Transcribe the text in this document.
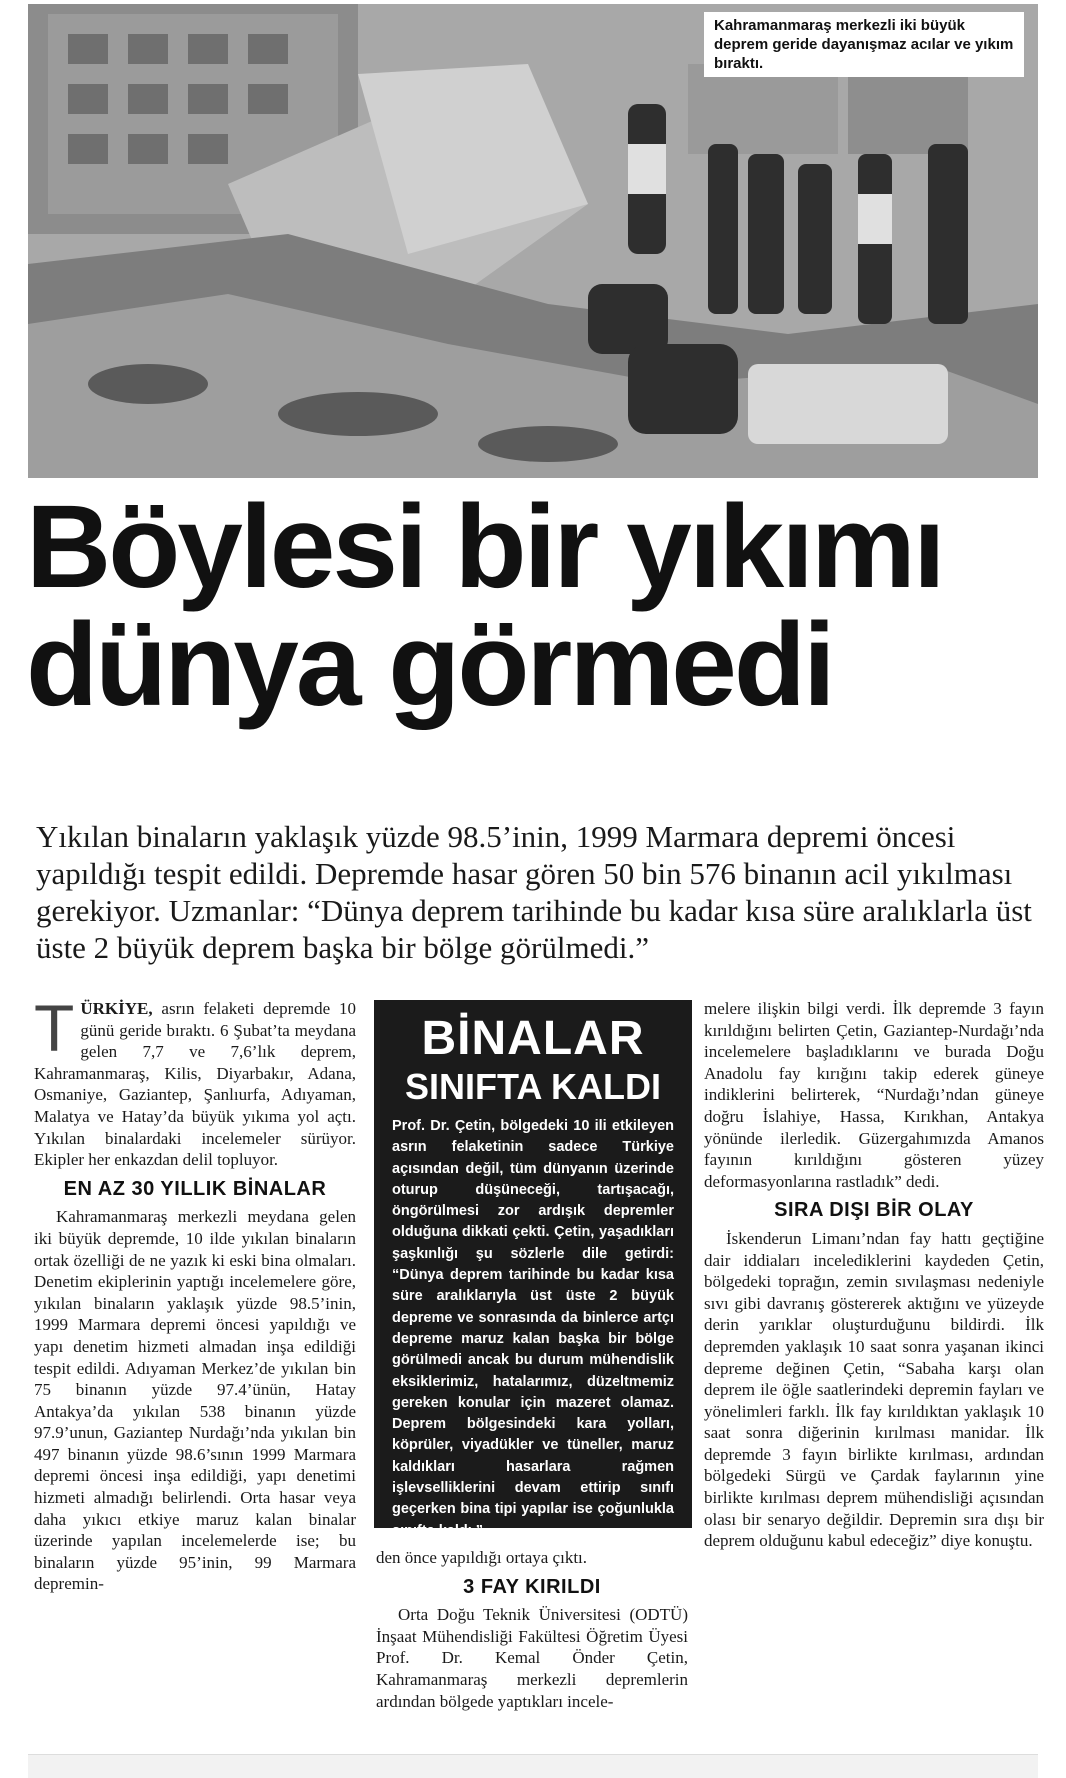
Kahramanmaraş merkezli iki büyük deprem geride dayanışmaz acılar ve yıkım bıraktı.
Böylesi bir yıkımı
dünya görmedi
Yıkılan binaların yaklaşık yüzde 98.5’inin, 1999 Marmara depremi öncesi yapıldığı tespit edildi. Depremde hasar gören 50 bin 576 binanın acil yıkılması gerekiyor. Uzmanlar: “Dünya deprem tarihinde bu kadar kısa süre aralıklarla üst üste 2 büyük deprem başka bir bölge görülmedi.”

TÜRKİYE, asrın felaketi depremde 10 günü geride bıraktı. 6 Şubat’ta meydana gelen 7,7 ve 7,6’lık deprem, Kahramanmaraş, Kilis, Diyarbakır, Adana, Osmaniye, Gaziantep, Şanlıurfa, Adıyaman, Malatya ve Hatay’da büyük yıkıma yol açtı. Yıkılan binalardaki incelemeler sürüyor. Ekipler her enkazdan delil topluyor.

EN AZ 30 YILLIK BİNALAR

Kahramanmaraş merkezli meydana gelen iki büyük depremde, 10 ilde yıkılan binaların ortak özelliği de ne yazık ki eski bina olmaları. Denetim ekiplerinin yaptığı incelemelere göre, yıkılan binaların yaklaşık yüzde 98.5’inin, 1999 Marmara depremi öncesi yapıldığı ve yapı denetim hizmeti almadan inşa edildiği tespit edildi. Adıyaman Merkez’de yıkılan bin 75 binanın yüzde 97.4’ünün, Hatay Antakya’da yıkılan 538 binanın yüzde 97.9’unun, Gaziantep Nurdağı’nda yıkılan bin 497 binanın yüzde 98.6’sının 1999 Marmara depremi öncesi inşa edildiği, yapı denetimi hizmeti almadığı belirlendi. Orta hasar veya daha yıkıcı etkiye maruz kalan binalar üzerinde yapılan incelemelerde ise; bu binaların yüzde 95’inin, 99 Marmara depremin-

BİNALAR
SINIFTA KALDI
Prof. Dr. Çetin, bölgedeki 10 ili etkileyen asrın felaketinin sadece Türkiye açısından değil, tüm dünyanın üzerinde oturup düşüneceği, tartışacağı, öngörülmesi zor ardışık depremler olduğuna dikkati çekti. Çetin, yaşadıkları şaşkınlığı şu sözlerle dile getirdi: “Dünya deprem tarihinde bu kadar kısa süre aralıklarıyla üst üste 2 büyük depreme ve sonrasında da binlerce artçı depreme maruz kalan başka bir bölge görülmedi ancak bu durum mühendislik eksiklerimiz, hatalarımız, düzeltmemiz gereken konular için mazeret olamaz. Deprem bölgesindeki kara yolları, köprüler, viyadükler ve tüneller, maruz kaldıkları hasarlara rağmen işlevselliklerini devam ettirip sınıfı geçerken bina tipi yapılar ise çoğunlukla sınıfta kaldı.”

den önce yapıldığı ortaya çıktı.

3 FAY KIRILDI

Orta Doğu Teknik Üniversitesi (ODTÜ) İnşaat Mühendisliği Fakültesi Öğretim Üyesi Prof. Dr. Kemal Önder Çetin, Kahramanmaraş merkezli depremlerin ardından bölgede yaptıkları incele-

melere ilişkin bilgi verdi. İlk depremde 3 fayın kırıldığını belirten Çetin, Gaziantep-Nurdağı’nda incelemelere başladıklarını ve burada Doğu Anadolu fay kırığını takip ederek güneye indiklerini belirterek, “Nurdağı’ndan güneye doğru İslahiye, Hassa, Kırıkhan, Antakya yönünde ilerledik. Güzergahımızda Amanos fayının kırıldığını gösteren yüzey deformasyonlarına rastladık” dedi.

SIRA DIŞI BİR OLAY

İskenderun Limanı’ndan fay hattı geçtiğine dair iddiaları incelediklerini kaydeden Çetin, bölgedeki toprağın, zemin sıvılaşması nedeniyle sıvı gibi davranış göstererek aktığını ve yüzeyde derin yarıklar oluşturduğunu bildirdi. İlk depremden yaklaşık 10 saat sonra yaşanan ikinci depreme değinen Çetin, “Sabaha karşı olan deprem ile öğle saatlerindeki depremin fayları ve yönelimleri farklı. İlk fay kırıldıktan yaklaşık 10 saat sonra diğerinin kırılması manidar. İlk depremde 3 fayın birlikte kırılması, ardından bölgedeki Sürgü ve Çardak faylarının yine birlikte kırılması deprem mühendisliği açısından olası bir senaryo değildir. Depremin sıra dışı bir deprem olduğunu kabul edeceğiz” diye konuştu.
